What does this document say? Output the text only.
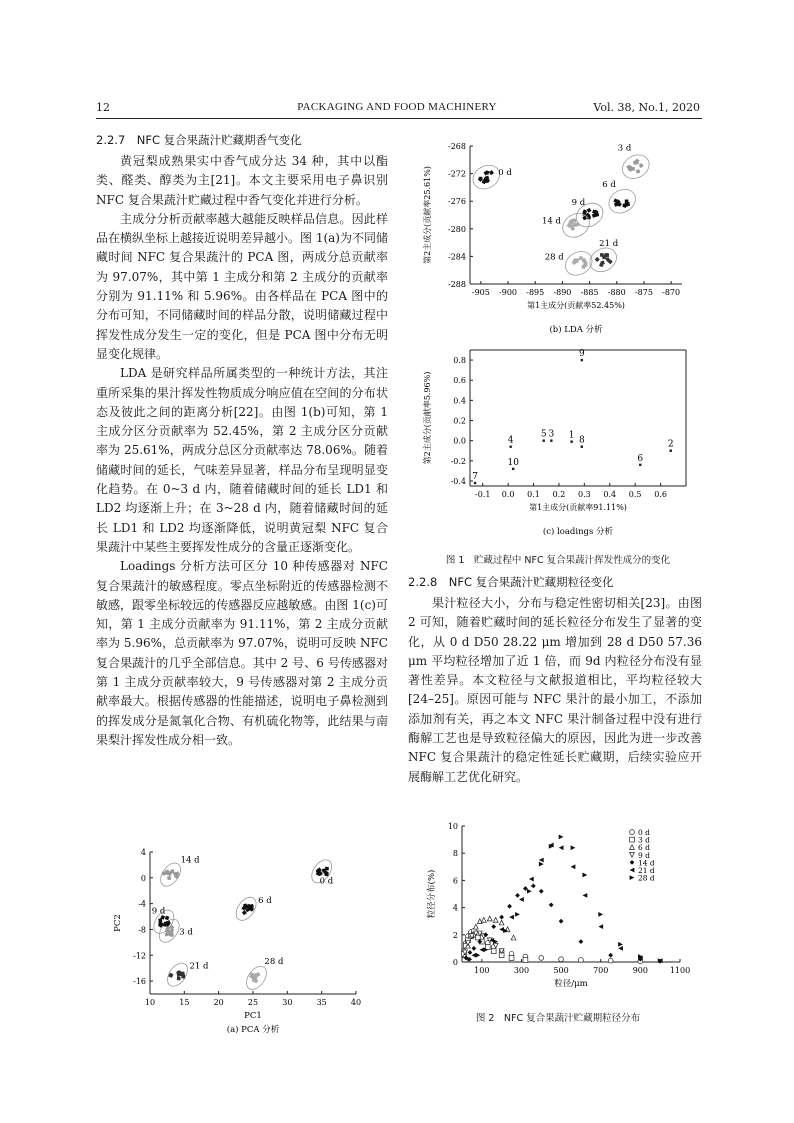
12	PACKAGING AND FOOD MACHINERY	Vol. 38, No.1, 2020
2.2.7　NFC 复合果蔬汁贮藏期香气变化

黄冠梨成熟果实中香气成分达 34 种，其中以酯类、醛类、醇类为主[21]。本文主要采用电子鼻识别 NFC 复合果蔬汁贮藏过程中香气变化并进行分析。

主成分分析贡献率越大越能反映样品信息。因此样品在横纵坐标上越接近说明差异越小。图 1(a)为不同储藏时间 NFC 复合果蔬汁的 PCA 图，两成分总贡献率为 97.07%，其中第 1 主成分和第 2 主成分的贡献率分别为 91.11% 和 5.96%。由各样品在 PCA 图中的分布可知，不同储藏时间的样品分散，说明储藏过程中挥发性成分发生一定的变化，但是 PCA 图中分布无明显变化规律。

LDA 是研究样品所属类型的一种统计方法，其注重所采集的果汁挥发性物质成分响应值在空间的分布状态及彼此之间的距离分析[22]。由图 1(b)可知，第 1 主成分区分贡献率为 52.45%，第 2 主成分区分贡献率为 25.61%，两成分总区分贡献率达 78.06%。随着储藏时间的延长，气味差异显著，样品分布呈现明显变化趋势。在 0~3 d 内，随着储藏时间的延长 LD1 和 LD2 均逐渐上升；在 3~28 d 内，随着储藏时间的延长 LD1 和 LD2 均逐渐降低，说明黄冠梨 NFC 复合果蔬汁中某些主要挥发性成分的含量正逐渐变化。

Loadings 分析方法可区分 10 种传感器对 NFC 复合果蔬汁的敏感程度。零点坐标附近的传感器检测不敏感，跟零坐标较远的传感器反应越敏感。由图 1(c)可知，第 1 主成分贡献率为 91.11%，第 2 主成分贡献率为 5.96%，总贡献率为 97.07%，说明可反映 NFC 复合果蔬汁的几乎全部信息。其中 2 号、6 号传感器对第 1 主成分贡献率较大，9 号传感器对第 2 主成分贡献率最大。根据传感器的性能描述，说明电子鼻检测到的挥发成分是氮氧化合物、有机硫化物等，此结果与南果梨汁挥发性成分相一致。

10	15	20	25	30	35	40
4
0
-4
-8
-12
-16
PC1
PC2
0 d
3 d
6 d
9 d
14 d
21 d	28 d
(a) PCA 分析
-905 -900 -895 -890 -885 -880 -875 -870
-268
-272
-276
-280
-284
-288
第1主成分(贡献率52.45%)
第2主成分(贡献率25.61%)	0 d
3 d
6 d
9 d
14 d
21 d
28 d
(b) LDA 分析
-0.1 0.0 0.1 0.2 0.3 0.4 0.5 0.6
0.8
0.6
0.4
0.2
0.0
-0.2
-0.4
第1主成分(贡献率91.11%)
第2主成分(贡献率5.96%)	1
2
3
4
5
6
7
8
9
10
(c) loadings 分析
图 1　贮藏过程中 NFC 复合果蔬汁挥发性成分的变化
2.2.8　NFC 复合果蔬汁贮藏期粒径变化

果汁粒径大小，分布与稳定性密切相关[23]。由图 2 可知，随着贮藏时间的延长粒径分布发生了显著的变化，从 0 d D50 28.22 μm 增加到 28 d D50 57.36 μm 平均粒径增加了近 1 倍，而 9d 内粒径分布没有显著性差异。本文粒径与文献报道相比，平均粒径较大[24–25]。原因可能与 NFC 果汁的最小加工，不添加添加剂有关，再之本文 NFC 果汁制备过程中没有进行酶解工艺也是导致粒径偏大的原因，因此为进一步改善 NFC 复合果蔬汁的稳定性延长贮藏期，后续实验应开展酶解工艺优化研究。

100	300	500	700	900	1100
0
2
4
6
8
10
粒径/μm
粒径分布(%)
0 d
3 d
6 d
9 d
14 d
21 d
28 d
图 2　NFC 复合果蔬汁贮藏期粒径分布
